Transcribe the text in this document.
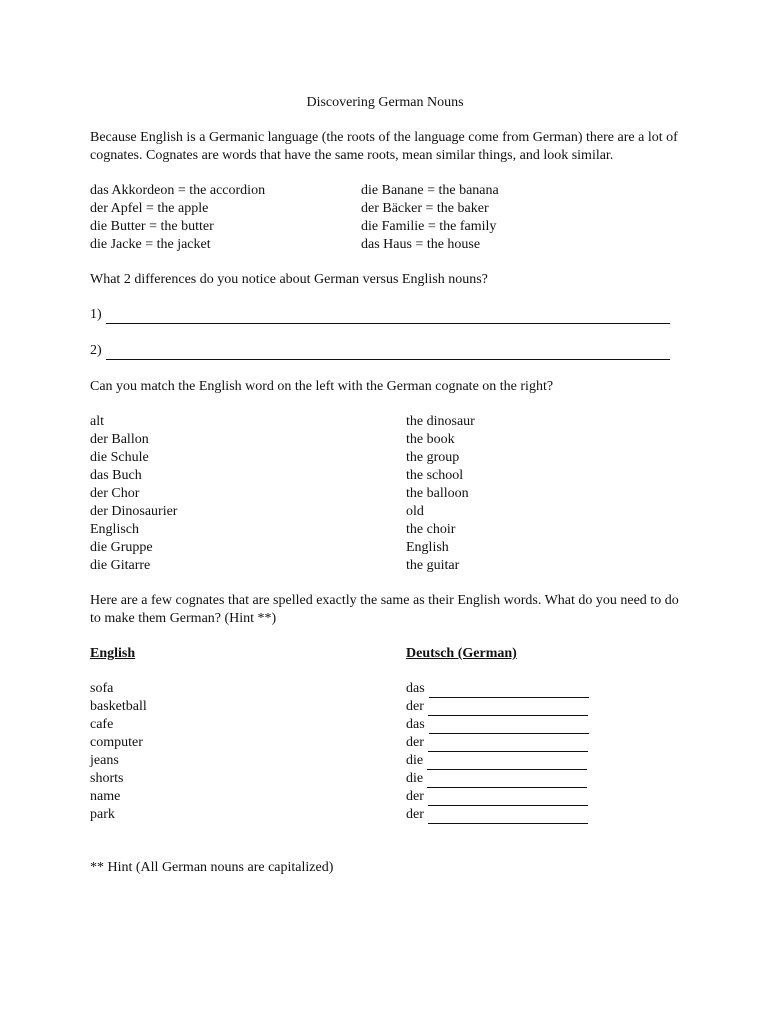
Discovering German Nouns
Because English is a Germanic language (the roots of the language come from German) there are a lot of cognates. Cognates are words that have the same roots, mean similar things, and look similar.
das Akkordeon = the accordion	die Banane = the banana
der Apfel = the apple	der Bäcker = the baker
die Butter = the butter	die Familie = the family
die Jacke = the jacket	das Haus = the house
What 2 differences do you notice about German versus English nouns?
1)
2)
Can you match the English word on the left with the German cognate on the right?
alt	the dinosaur
der Ballon	the book
die Schule	the group
das Buch	the school
der Chor	the balloon
der Dinosaurier	old
Englisch	the choir
die Gruppe	English
die Gitarre	the guitar
Here are a few cognates that are spelled exactly the same as their English words. What do you need to do to make them German? (Hint **)
English	Deutsch (German)
sofa	das
basketball	der
cafe	das
computer	der
jeans	die
shorts	die
name	der
park	der
** Hint (All German nouns are capitalized)
